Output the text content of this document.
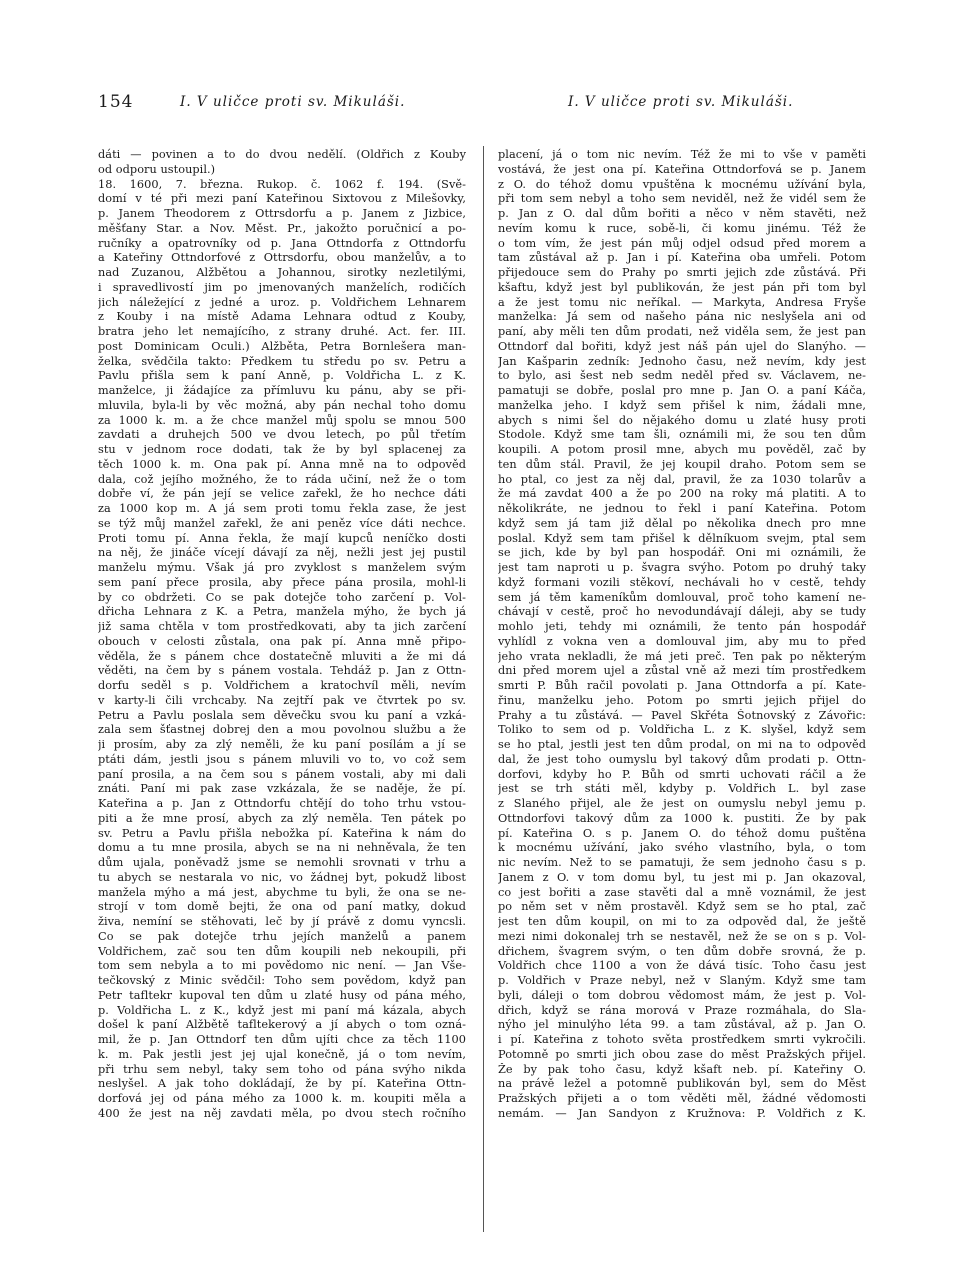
154	I. V uličce proti sv. Mikuláši.	I. V uličce proti sv. Mikuláši.
dáti — povinen a to do dvou nedělí. (Oldřich z Kouby
od odporu ustoupil.)
18. 1600, 7. března. Rukop. č. 1062 f. 194. (Svě-
domí v té při mezi paní Kateřinou Sixtovou z Milešovky,
p. Janem Theodorem z Ottrsdorfu a p. Janem z Jizbice,
měšťany Star. a Nov. Měst. Pr., jakožto poručnicí a po-
ručníky a opatrovníky od p. Jana Ottndorfa z Ottndorfu
a Kateřiny Ottndorfové z Ottrsdorfu, obou manželův, a to
nad Zuzanou, Alžbětou a Johannou, sirotky nezletilými,
i spravedlivostí jim po jmenovaných manželích, rodičích
jich náležející z jedné a uroz. p. Voldřichem Lehnarem
z Kouby i na místě Adama Lehnara odtud z Kouby,
bratra jeho let nemajícího, z strany druhé. Act. fer. III.
post Dominicam Oculi.) Alžběta, Petra Bornlešera man-
želka, svědčila takto: Předkem tu středu po sv. Petru a
Pavlu přišla sem k paní Anně, p. Voldřicha L. z K.
manželce, ji žádajíce za přímluvu ku pánu, aby se při-
mluvila, byla-li by věc možná, aby pán nechal toho domu
za 1000 k. m. a že chce manžel můj spolu se mnou 500
zavdati a druhejch 500 ve dvou letech, po půl třetím
stu v jednom roce dodati, tak že by byl splacenej za
těch 1000 k. m. Ona pak pí. Anna mně na to odpověd
dala, což jejího možného, že to ráda učiní, než že o tom
dobře ví, že pán její se velice zařekl, že ho nechce dáti
za 1000 kop m. A já sem proti tomu řekla zase, že jest
se týž můj manžel zařekl, že ani peněz více dáti nechce.
Proti tomu pí. Anna řekla, že mají kupců neníčko dosti
na něj, že jináče vícejí dávají za něj, nežli jest jej pustil
manželu mýmu. Však já pro zvyklost s manželem svým
sem paní přece prosila, aby přece pána prosila, mohl-li
by co obdržeti. Co se pak dotejče toho zarčení p. Vol-
dřicha Lehnara z K. a Petra, manžela mýho, že bych já
již sama chtěla v tom prostředkovati, aby ta jich zarčení
obouch v celosti zůstala, ona pak pí. Anna mně připo-
věděla, že s pánem chce dostatečně mluviti a že mi dá
věděti, na čem by s pánem vostala. Tehdáž p. Jan z Ottn-
dorfu seděl s p. Voldřichem a kratochvíl měli, nevím
v karty-li čili vrchcaby. Na zejtří pak ve čtvrtek po sv.
Petru a Pavlu poslala sem děvečku svou ku paní a vzká-
zala sem šťastnej dobrej den a mou povolnou službu a že
ji prosím, aby za zlý neměli, že ku paní posílám a jí se
ptáti dám, jestli jsou s pánem mluvili vo to, vo což sem
paní prosila, a na čem sou s pánem vostali, aby mi dali
znáti. Paní mi pak zase vzkázala, že se naděje, že pí.
Kateřina a p. Jan z Ottndorfu chtějí do toho trhu vstou-
piti a že mne prosí, abych za zlý neměla. Ten pátek po
sv. Petru a Pavlu přišla nebožka pí. Kateřina k nám do
domu a tu mne prosila, abych se na ni nehněvala, že ten
dům ujala, poněvadž jsme se nemohli srovnati v trhu a
tu abych se nestarala vo nic, vo žádnej byt, pokudž libost
manžela mýho a má jest, abychme tu byli, že ona se ne-
strojí v tom domě bejti, že ona od paní matky, dokud
živa, nemíní se stěhovati, leč by jí právě z domu vyncsli.
Co se pak dotejče trhu jejích manželů a panem
Voldřichem, zač sou ten dům koupili neb nekoupili, při
tom sem nebyla a to mi povědomo nic není. — Jan Vše-
tečkovský z Minic svědčil: Toho sem povědom, když pan
Petr tafltekr kupoval ten dům u zlaté husy od pána mého,
p. Voldřicha L. z K., když jest mi paní má kázala, abych
došel k paní Alžbětě tafltekerový a jí abych o tom ozná-
mil, že p. Jan Ottndorf ten dům ujíti chce za těch 1100
k. m. Pak jestli jest jej ujal konečně, já o tom nevím,
při trhu sem nebyl, taky sem toho od pána svýho nikda
neslyšel. A jak toho dokládají, že by pí. Kateřina Ottn-
dorfová jej od pána mého za 1000 k. m. koupiti měla a
400 že jest na něj zavdati měla, po dvou stech ročního
placení, já o tom nic nevím. Též že mi to vše v paměti
vostává, že jest ona pí. Kateřina Ottndorfová se p. Janem
z O. do téhož domu vpuštěna k mocnému užívání byla,
při tom sem nebyl a toho sem neviděl, než že vidél sem že
p. Jan z O. dal dům bořiti a něco v něm stavěti, než
nevím komu k ruce, sobě-li, či komu jinému. Též že
o tom vím, že jest pán můj odjel odsud před morem a
tam zůstával až p. Jan i pí. Kateřina oba umřeli. Potom
přijedouce sem do Prahy po smrti jejich zde zůstává. Při
kšaftu, když jest byl publikován, že jest pán při tom byl
a že jest tomu nic neříkal. — Markyta, Andresa Fryše
manželka: Já sem od našeho pána nic neslyšela ani od
paní, aby měli ten dům prodati, než viděla sem, že jest pan
Ottndorf dal bořiti, když jest náš pán ujel do Slanýho. —
Jan Kašparin zedník: Jednoho času, než nevím, kdy jest
to bylo, asi šest neb sedm neděl před sv. Václavem, ne-
pamatuji se dobře, poslal pro mne p. Jan O. a paní Káča,
manželka jeho. I když sem přišel k nim, žádali mne,
abych s nimi šel do nějakého domu u zlaté husy proti
Stodole. Když sme tam šli, oznámili mi, že sou ten dům
koupili. A potom prosil mne, abych mu pověděl, zač by
ten dům stál. Pravil, že jej koupil draho. Potom sem se
ho ptal, co jest za něj dal, pravil, že za 1030 tolarův a
že má zavdat 400 a že po 200 na roky má platiti. A to
několikráte, ne jednou to řekl i paní Kateřina. Potom
když sem já tam již dělal po několika dnech pro mne
poslal. Když sem tam přišel k dělníkuom svejm, ptal sem
se jich, kde by byl pan hospodář. Oni mi oznámili, že
jest tam naproti u p. švagra svýho. Potom po druhý taky
když formani vozili stěkoví, nechávali ho v cestě, tehdy
sem já těm kameníkům domlouval, proč toho kamení ne-
chávají v cestě, proč ho nevodundávají dáleji, aby se tudy
mohlo jeti, tehdy mi oznámili, že tento pán hospodář
vyhlídl z vokna ven a domlouval jim, aby mu to před
jeho vrata nekladli, že má jeti preč. Ten pak po některým
dni před morem ujel a zůstal vně až mezi tím prostředkem
smrti P. Bůh račil povolati p. Jana Ottndorfa a pí. Kate-
řinu, manželku jeho. Potom po smrti jejich přijel do
Prahy a tu zůstává. — Pavel Skřéta Šotnovský z Závořic:
Toliko to sem od p. Voldřicha L. z K. slyšel, když sem
se ho ptal, jestli jest ten dům prodal, on mi na to odpověd
dal, že jest toho oumyslu byl takový dům prodati p. Ottn-
dorfovi, kdyby ho P. Bůh od smrti uchovati ráčil a že
jest se trh státi měl, kdyby p. Voldřich L. byl zase
z Slaného přijel, ale že jest on oumyslu nebyl jemu p.
Ottndorfovi takový dům za 1000 k. pustiti. Že by pak
pí. Kateřina O. s p. Janem O. do téhož domu puštěna
k mocnému užívání, jako svého vlastního, byla, o tom
nic nevím. Než to se pamatuji, že sem jednoho času s p.
Janem z O. v tom domu byl, tu jest mi p. Jan okazoval,
co jest bořiti a zase stavěti dal a mně voznámil, že jest
po něm set v něm prostavěl. Když sem se ho ptal, zač
jest ten dům koupil, on mi to za odpověd dal, že ještě
mezi nimi dokonalej trh se nestavěl, než že se on s p. Vol-
dřichem, švagrem svým, o ten dům dobře srovná, že p.
Voldřich chce 1100 a von že dává tisíc. Toho času jest
p. Voldřich v Praze nebyl, než v Slaným. Když sme tam
byli, dáleji o tom dobrou vědomost mám, že jest p. Vol-
dřich, když se rána morová v Praze rozmáhala, do Sla-
nýho jel minulýho léta 99. a tam zůstával, až p. Jan O.
i pí. Kateřina z tohoto světa prostředkem smrti vykročili.
Potomně po smrti jich obou zase do měst Pražských přijel.
Že by pak toho času, když kšaft neb. pí. Kateřiny O.
na právě ležel a potomně publikován byl, sem do Měst
Pražských přijeti a o tom věděti měl, žádné vědomosti
nemám. — Jan Sandyon z Kružnova: P. Voldřich z K.
